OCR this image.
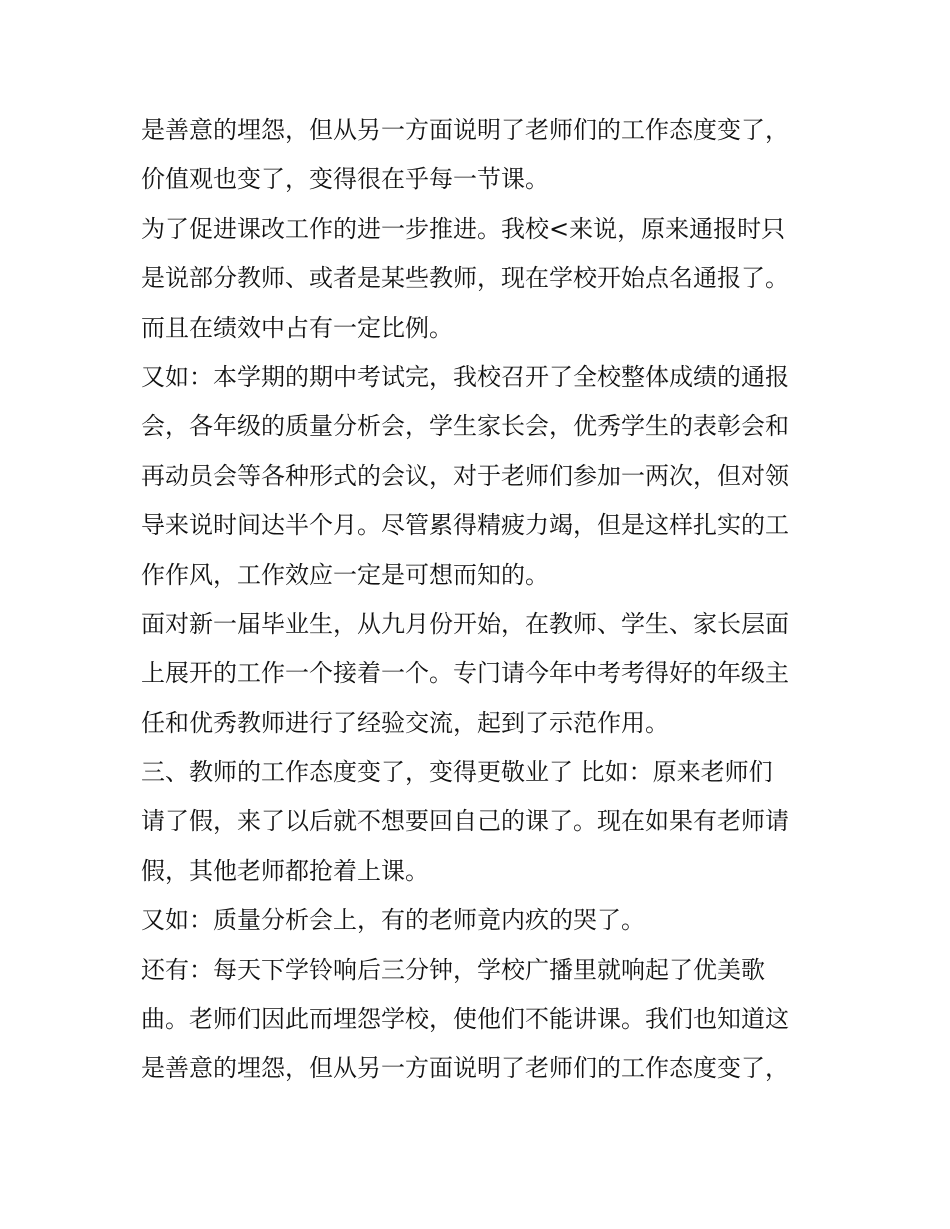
是善意的埋怨，但从另一方面说明了老师们的工作态度变了，
价值观也变了，变得很在乎每一节课。
为了促进课改工作的进一步推进。我校<来说，原来通报时只
是说部分教师、或者是某些教师，现在学校开始点名通报了。
而且在绩效中占有一定比例。
又如：本学期的期中考试完，我校召开了全校整体成绩的通报
会，各年级的质量分析会，学生家长会，优秀学生的表彰会和
再动员会等各种形式的会议，对于老师们参加一两次，但对领
导来说时间达半个月。尽管累得精疲力竭，但是这样扎实的工
作作风，工作效应一定是可想而知的。
面对新一届毕业生，从九月份开始，在教师、学生、家长层面
上展开的工作一个接着一个。专门请今年中考考得好的年级主
任和优秀教师进行了经验交流，起到了示范作用。
三、教师的工作态度变了，变得更敬业了 比如：原来老师们
请了假，来了以后就不想要回自己的课了。现在如果有老师请
假，其他老师都抢着上课。
又如：质量分析会上，有的老师竟内疚的哭了。
还有：每天下学铃响后三分钟，学校广播里就响起了优美歌
曲。老师们因此而埋怨学校，使他们不能讲课。我们也知道这
是善意的埋怨，但从另一方面说明了老师们的工作态度变了，
